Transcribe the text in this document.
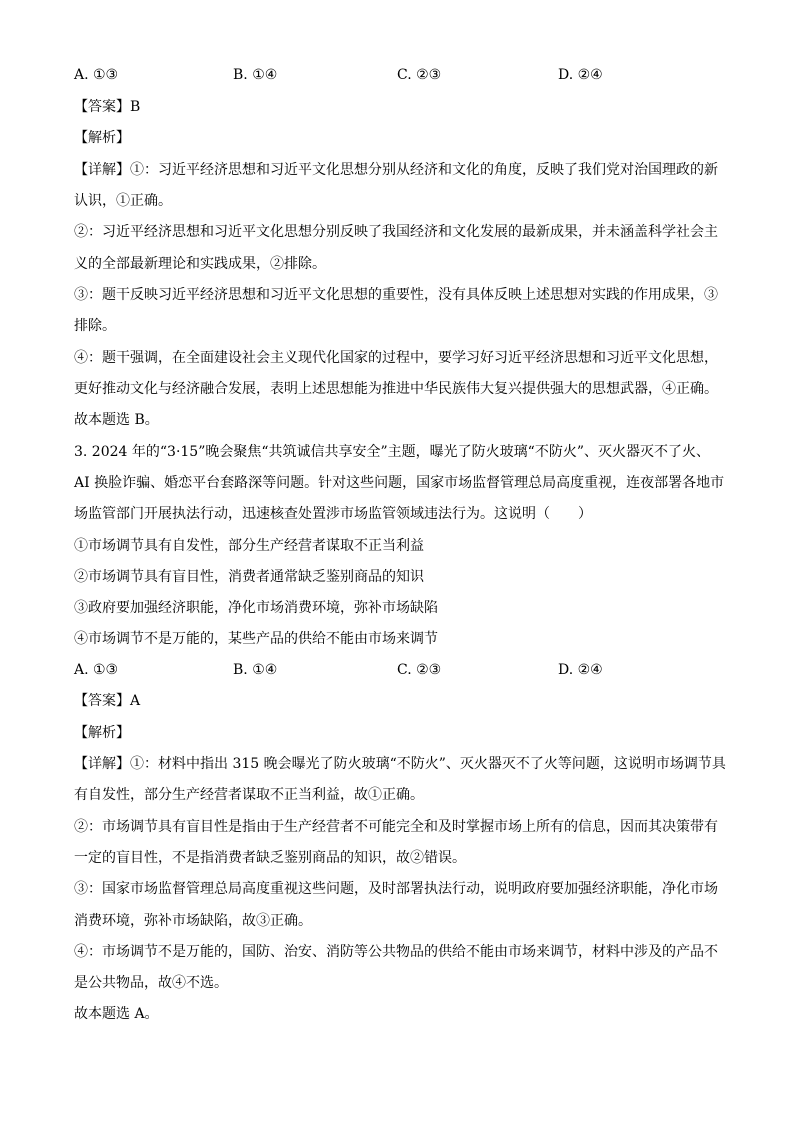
A. ①③	B. ①④	C. ②③	D. ②④
【答案】B
【解析】
【详解】①：习近平经济思想和习近平文化思想分别从经济和文化的角度，反映了我们党对治国理政的新
认识，①正确。
②：习近平经济思想和习近平文化思想分别反映了我国经济和文化发展的最新成果，并未涵盖科学社会主
义的全部最新理论和实践成果，②排除。
③：题干反映习近平经济思想和习近平文化思想的重要性，没有具体反映上述思想对实践的作用成果，③
排除。
④：题干强调，在全面建设社会主义现代化国家的过程中，要学习好习近平经济思想和习近平文化思想，
更好推动文化与经济融合发展，表明上述思想能为推进中华民族伟大复兴提供强大的思想武器，④正确。
故本题选 B。
3. 2024 年的“3·15”晚会聚焦“共筑诚信共享安全”主题，曝光了防火玻璃“不防火”、灭火器灭不了火、
AI 换脸诈骗、婚恋平台套路深等问题。针对这些问题，国家市场监督管理总局高度重视，连夜部署各地市
场监管部门开展执法行动，迅速核查处置涉市场监管领域违法行为。这说明（　　）
①市场调节具有自发性，部分生产经营者谋取不正当利益
②市场调节具有盲目性，消费者通常缺乏鉴别商品的知识
③政府要加强经济职能，净化市场消费环境，弥补市场缺陷
④市场调节不是万能的，某些产品的供给不能由市场来调节
A. ①③	B. ①④	C. ②③	D. ②④
【答案】A
【解析】
【详解】①：材料中指出 315 晚会曝光了防火玻璃“不防火”、灭火器灭不了火等问题，这说明市场调节具
有自发性，部分生产经营者谋取不正当利益，故①正确。
②：市场调节具有盲目性是指由于生产经营者不可能完全和及时掌握市场上所有的信息，因而其决策带有
一定的盲目性，不是指消费者缺乏鉴别商品的知识，故②错误。
③：国家市场监督管理总局高度重视这些问题，及时部署执法行动，说明政府要加强经济职能，净化市场
消费环境，弥补市场缺陷，故③正确。
④：市场调节不是万能的，国防、治安、消防等公共物品的供给不能由市场来调节，材料中涉及的产品不
是公共物品，故④不选。
故本题选 A。
